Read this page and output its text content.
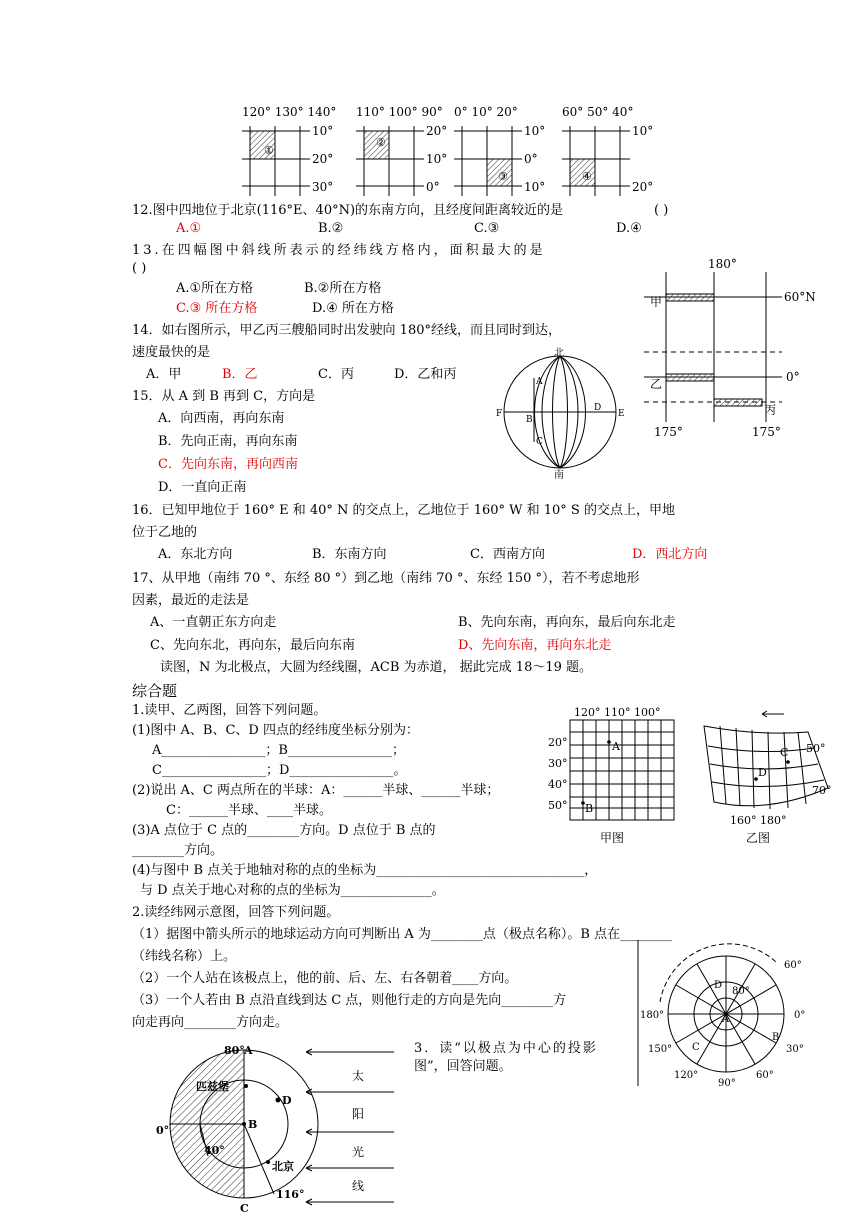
120° 130° 140°
①
10°
20°
30°
110° 100° 90°
②
20°
10°
0°
0° 10° 20°
③
10°
0°
10°
60° 50° 40°
④
10°
20°
12.图中四地位于北京(116°E、40°N)的东南方向，且经度间距离较近的是	( )
A.①	B.②	C.③	D.④
13.在四幅图中斜线所表示的经纬线方格内，面积最大的是
( )
A.①所在方格	B.②所在方格
C.③ 所在方格	D.④ 所在方格
14．如右图所示，甲乙丙三艘船同时出发驶向 180°经线，而且同时到达，
速度最快的是
A．甲	B．乙	C．丙	D．乙和丙
15．从 A 到 B 再到 C，方向是
A．向西南，再向东南
B．先向正南，再向东南
C．先向东南，再向西南
D．一直向正南
16．已知甲地位于 160° E 和 40° N 的交点上，乙地位于 160° W 和 10° S 的交点上，甲地
位于乙地的
A．东北方向	B．东南方向	C．西南方向	D．西北方向
17、从甲地（南纬 70 °、东经 80 °）到乙地（南纬 70 °、东经 150 °），若不考虑地形
因素，最近的走法是
A、一直朝正东方向走	B、先向东南，再向东，最后向东北走
C、先向东北，再向东，最后向东南	D、先向东南，再向东北走
读图，N 为北极点，大圆为经线圈，ACB 为赤道， 据此完成 18～19 题。
综合题
1.读甲、乙两图，回答下列问题。
(1)图中 A、B、C、D 四点的经纬度坐标分别为：
A________________；B________________；
C________________；D________________。
(2)说出 A、C 两点所在的半球：A：______半球、______半球；
C：______半球、____半球。
(3)A 点位于 C 点的________方向。D 点位于 B 点的
________方向。
(4)与图中 B 点关于地轴对称的点的坐标为________________________________，
与 D 点关于地心对称的点的坐标为______________。
2.读经纬网示意图，回答下列问题。
（1）据图中箭头所示的地球运动方向可判断出 A 为________点（极点名称）。B 点在________
（纬线名称）上。
（2）一个人站在该极点上，他的前、后、左、右各朝着____方向。
（3）一个人若由 B 点沿直线到达 C 点，则他行走的方向是先向________方
向走再向________方向走。
3．读“以极点为中心的投影
图”，回答问题。
180°
60°N
0°
甲
乙
丙
175°	175°
北
南
A
B
C
D
E
F
120° 110° 100°
A
B
20°
30°
40°
50°
甲图
C
D
50°
70°
160° 180°
乙图
60°
180°	0°
150°	30°
120°
90°
60°
80°
A
B
C
D
80° A
匹兹堡
D
B
0°
40°
北京
C
116°
太
阳
光
线
